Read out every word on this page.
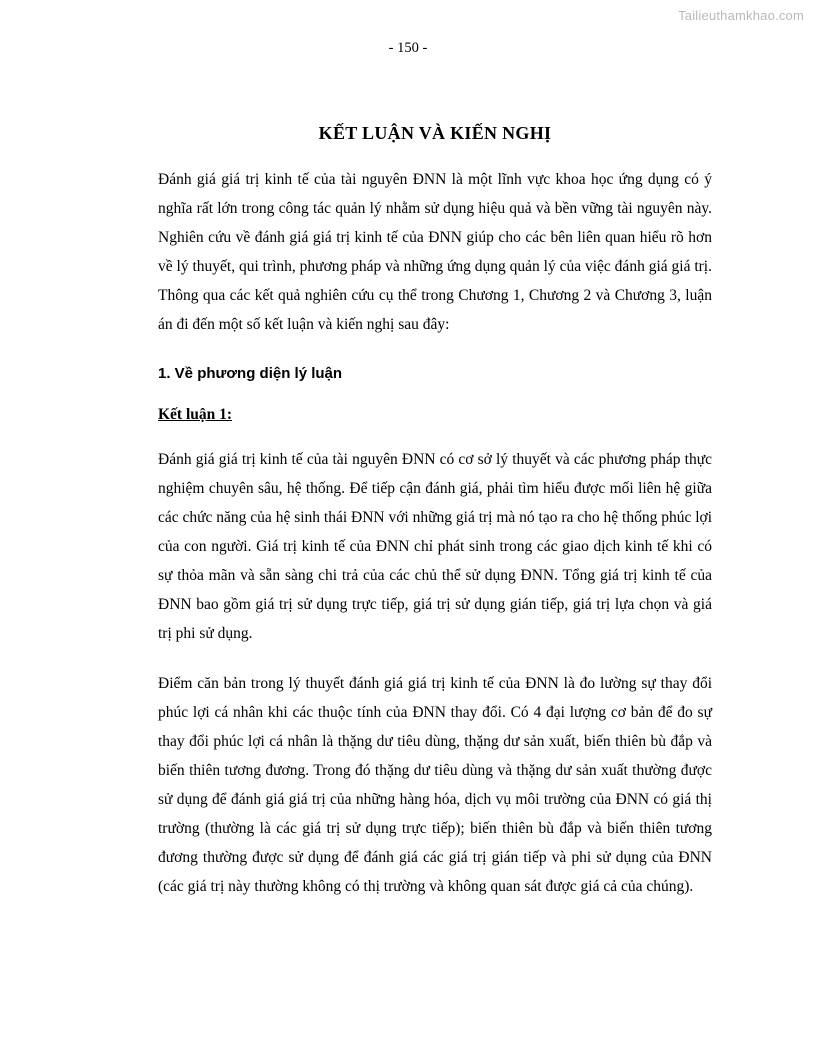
Tailieuthamkhao.com
- 150 -
KẾT LUẬN VÀ KIẾN NGHỊ

Đánh giá giá trị kinh tế của tài nguyên ĐNN là một lĩnh vực khoa học ứng dụng có ý nghĩa rất lớn trong công tác quản lý nhằm sử dụng hiệu quả và bền vững tài nguyên này. Nghiên cứu về đánh giá giá trị kinh tế của ĐNN giúp cho các bên liên quan hiểu rõ hơn về lý thuyết, qui trình, phương pháp và những ứng dụng quản lý của việc đánh giá giá trị. Thông qua các kết quả nghiên cứu cụ thể trong Chương 1, Chương 2 và Chương 3, luận án đi đến một số kết luận và kiến nghị sau đây:

1. Về phương diện lý luận

Kết luận 1:

Đánh giá giá trị kinh tế của tài nguyên ĐNN có cơ sở lý thuyết và các phương pháp thực nghiệm chuyên sâu, hệ thống. Để tiếp cận đánh giá, phải tìm hiểu được mối liên hệ giữa các chức năng của hệ sinh thái ĐNN với những giá trị mà nó tạo ra cho hệ thống phúc lợi của con người. Giá trị kinh tế của ĐNN chỉ phát sinh trong các giao dịch kinh tế khi có sự thỏa mãn và sẵn sàng chi trả của các chủ thể sử dụng ĐNN. Tổng giá trị kinh tế của ĐNN bao gồm giá trị sử dụng trực tiếp, giá trị sử dụng gián tiếp, giá trị lựa chọn và giá trị phi sử dụng.

Điểm căn bản trong lý thuyết đánh giá giá trị kinh tế của ĐNN là đo lường sự thay đổi phúc lợi cá nhân khi các thuộc tính của ĐNN thay đổi. Có 4 đại lượng cơ bản để đo sự thay đổi phúc lợi cá nhân là thặng dư tiêu dùng, thặng dư sản xuất, biến thiên bù đắp và biến thiên tương đương. Trong đó thặng dư tiêu dùng và thặng dư sản xuất thường được sử dụng để đánh giá giá trị của những hàng hóa, dịch vụ môi trường của ĐNN có giá thị trường (thường là các giá trị sử dụng trực tiếp); biến thiên bù đắp và biến thiên tương đương thường được sử dụng để đánh giá các giá trị gián tiếp và phi sử dụng của ĐNN (các giá trị này thường không có thị trường và không quan sát được giá cả của chúng).
